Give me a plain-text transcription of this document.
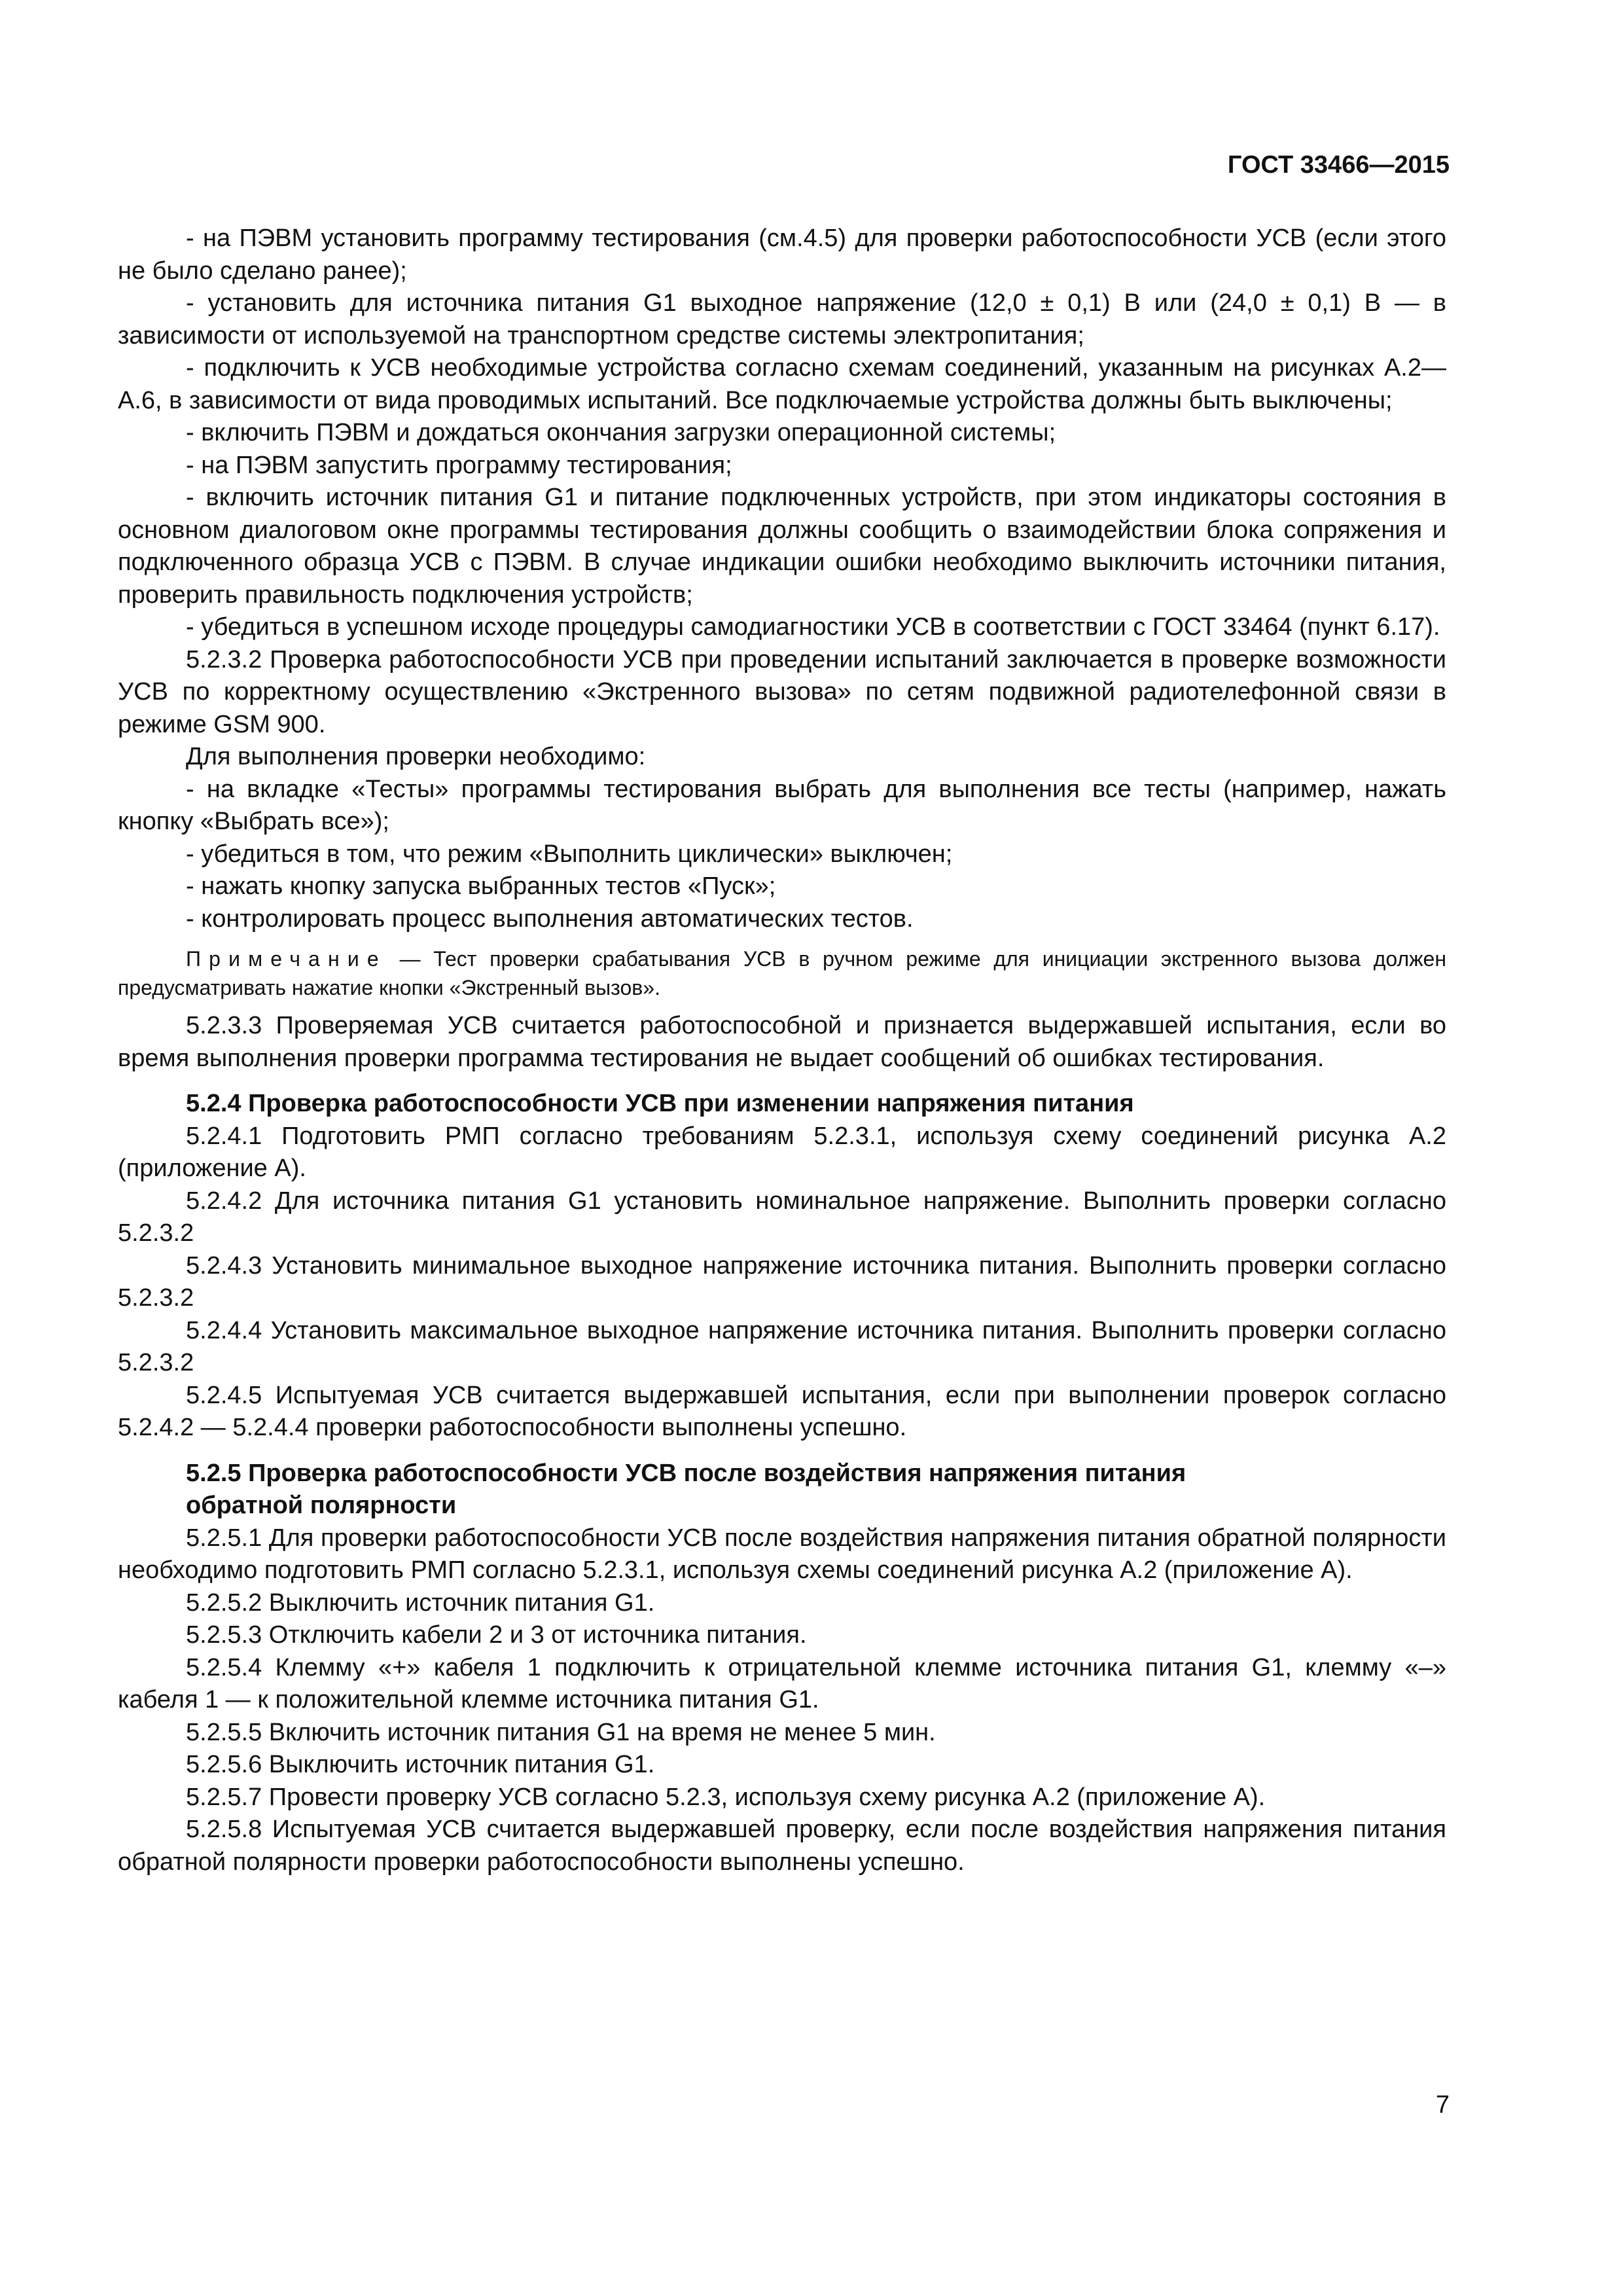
ГОСТ 33466—2015

- на ПЭВМ установить программу тестирования (см.4.5) для проверки работоспособности УСВ (если этого не было сделано ранее);

- установить для источника питания G1 выходное напряжение (12,0 ± 0,1) В или (24,0 ± 0,1) В — в зависимости от используемой на транспортном средстве системы электропитания;

- подключить к УСВ необходимые устройства согласно схемам соединений, указанным на рисунках А.2—А.6, в зависимости от вида проводимых испытаний. Все подключаемые устройства должны быть выключены;

- включить ПЭВМ и дождаться окончания загрузки операционной системы;

- на ПЭВМ запустить программу тестирования;

- включить источник питания G1 и питание подключенных устройств, при этом индикаторы состояния в основном диалоговом окне программы тестирования должны сообщить о взаимодействии блока сопряжения и подключенного образца УСВ с ПЭВМ. В случае индикации ошибки необходимо выключить источники питания, проверить правильность подключения устройств;

- убедиться в успешном исходе процедуры самодиагностики УСВ в соответствии с ГОСТ 33464 (пункт 6.17).

5.2.3.2 Проверка работоспособности УСВ при проведении испытаний заключается в проверке возможности УСВ по корректному осуществлению «Экстренного вызова» по сетям подвижной радиотелефонной связи в режиме GSM 900.

Для выполнения проверки необходимо:

- на вкладке «Тесты» программы тестирования выбрать для выполнения все тесты (например, нажать кнопку «Выбрать все»);

- убедиться в том, что режим «Выполнить циклически» выключен;

- нажать кнопку запуска выбранных тестов «Пуск»;

- контролировать процесс выполнения автоматических тестов.

Примечание — Тест проверки срабатывания УСВ в ручном режиме для инициации экстренного вызова должен предусматривать нажатие кнопки «Экстренный вызов».

5.2.3.3 Проверяемая УСВ считается работоспособной и признается выдержавшей испытания, если во время выполнения проверки программа тестирования не выдает сообщений об ошибках тестирования.

5.2.4 Проверка работоспособности УСВ при изменении напряжения питания

5.2.4.1 Подготовить РМП согласно требованиям 5.2.3.1, используя схему соединений рисунка А.2 (приложение А).

5.2.4.2 Для источника питания G1 установить номинальное напряжение. Выполнить проверки согласно 5.2.3.2

5.2.4.3 Установить минимальное выходное напряжение источника питания. Выполнить проверки согласно 5.2.3.2

5.2.4.4 Установить максимальное выходное напряжение источника питания. Выполнить проверки согласно 5.2.3.2

5.2.4.5 Испытуемая УСВ считается выдержавшей испытания, если при выполнении проверок согласно 5.2.4.2 — 5.2.4.4 проверки работоспособности выполнены успешно.

5.2.5 Проверка работоспособности УСВ после воздействия напряжения питания обратной полярности

5.2.5.1 Для проверки работоспособности УСВ после воздействия напряжения питания обратной полярности необходимо подготовить РМП согласно 5.2.3.1, используя схемы соединений рисунка А.2 (приложение А).

5.2.5.2 Выключить источник питания G1.

5.2.5.3 Отключить кабели 2 и 3 от источника питания.

5.2.5.4 Клемму «+» кабеля 1 подключить к отрицательной клемме источника питания G1, клемму «–» кабеля 1 — к положительной клемме источника питания G1.

5.2.5.5 Включить источник питания G1 на время не менее 5 мин.

5.2.5.6 Выключить источник питания G1.

5.2.5.7 Провести проверку УСВ согласно 5.2.3, используя схему рисунка А.2 (приложение А).

5.2.5.8 Испытуемая УСВ считается выдержавшей проверку, если после воздействия напряжения питания обратной полярности проверки работоспособности выполнены успешно.

7
